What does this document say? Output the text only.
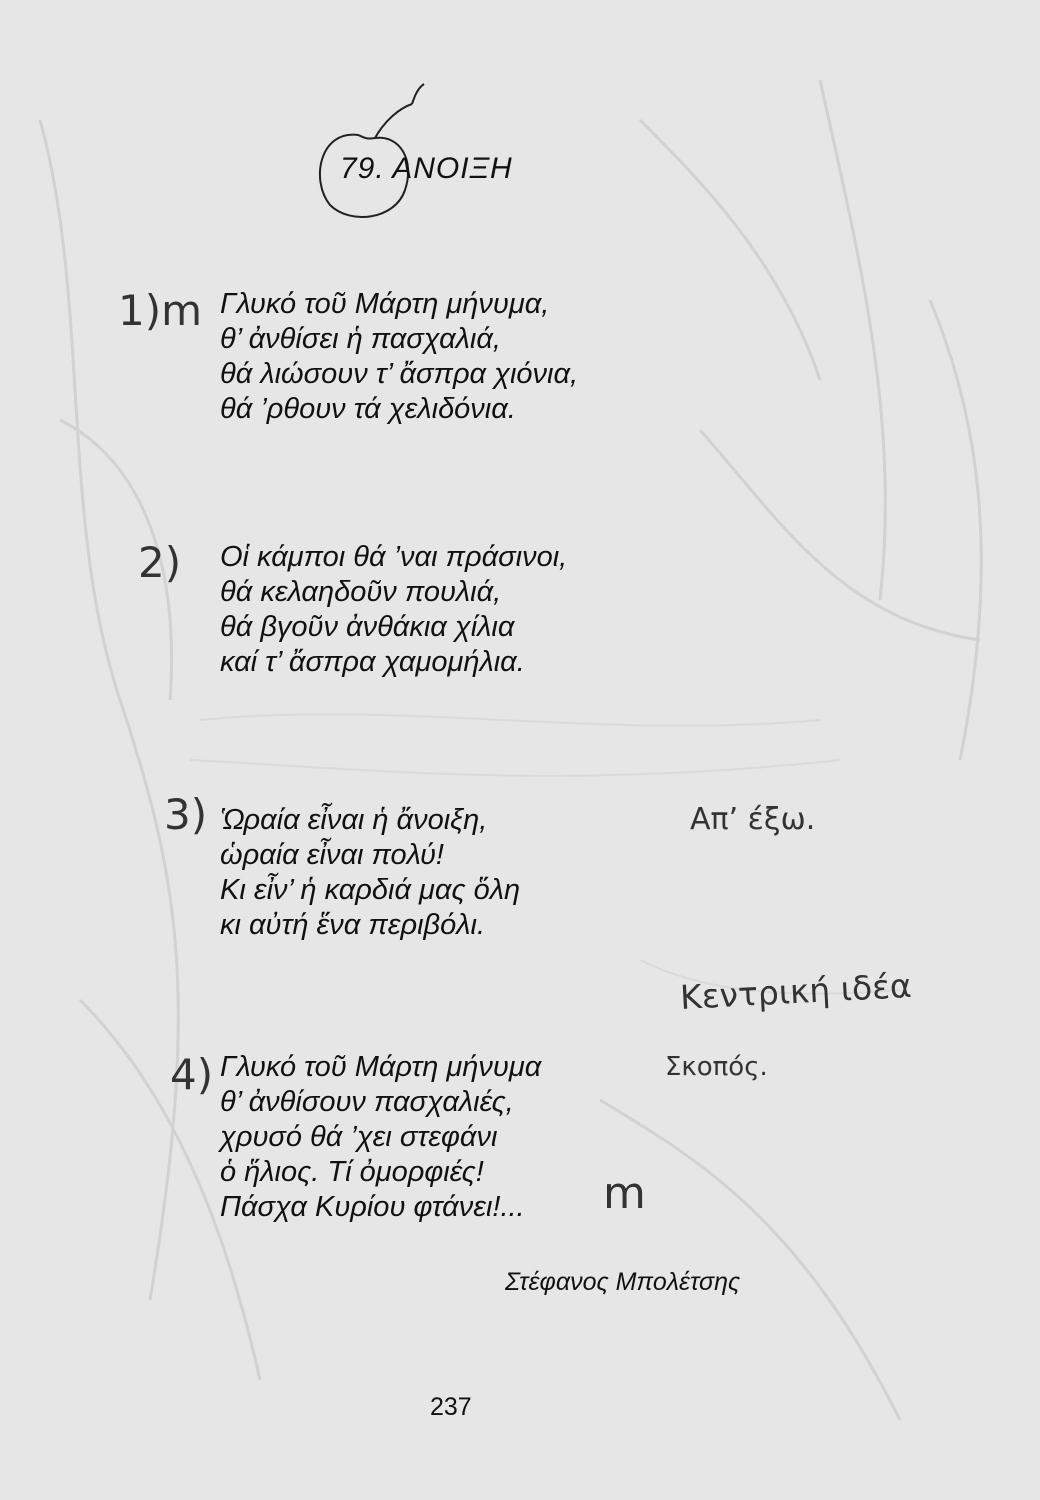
79. ΑΝΟΙΞΗ
1)m Γλυκό τοῦ Μάρτη μήνυμα,
θ’ ἀνθίσει ἡ πασχαλιά,
θά λιώσουν τ’ ἄσπρα χιόνια,
θά ’ρθουν τά χελιδόνια.
2) Οἱ κάμποι θά ’ναι πράσινοι,
θά κελαηδοῦν πουλιά,
θά βγοῦν ἀνθάκια χίλια
καί τ’ ἄσπρα χαμομήλια.
3) Ὡραία εἶναι ἡ ἄνοιξη,
ὡραία εἶναι πολύ!
Κι εἶν’ ἡ καρδιά μας ὅλη
κι αὐτή ἕνα περιβόλι.
4) Γλυκό τοῦ Μάρτη μήνυμα
θ’ ἀνθίσουν πασχαλιές,
χρυσό θά ’χει στεφάνι
ὁ ἥλιος. Τί ὀμορφιές!
Πάσχα Κυρίου φτάνει!...
Απ’ έξω.
Κεντρική ιδέα
Σκοπός.
m
Στέφανος Μπολέτσης
237
